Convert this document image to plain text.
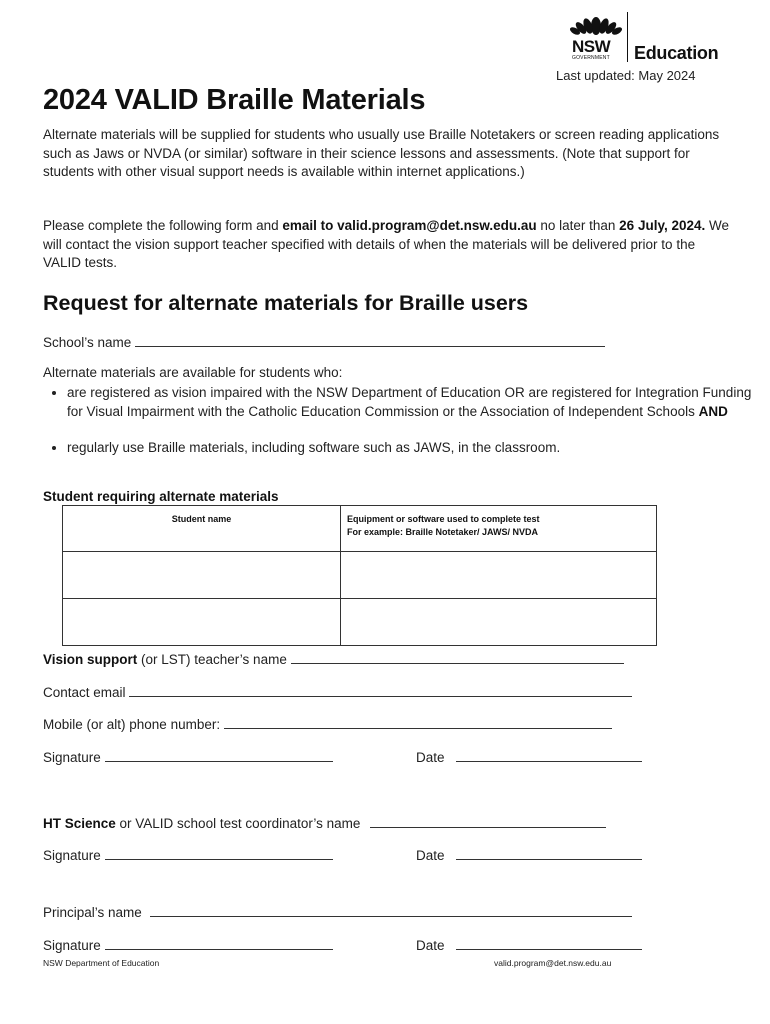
NSW
GOVERNMENT Education
Last updated: May 2024
2024 VALID Braille Materials
Alternate materials will be supplied for students who usually use Braille Notetakers or screen reading applications such as Jaws or NVDA (or similar) software in their science lessons and assessments. (Note that support for students with other visual support needs is available within internet applications.)
Please complete the following form and email to valid.program@det.nsw.edu.au no later than 26 July, 2024. We will contact the vision support teacher specified with details of when the materials will be delivered prior to the VALID tests.
Request for alternate materials for Braille users
School’s name
Alternate materials are available for students who:
• are registered as vision impaired with the NSW Department of Education OR are registered for Integration Funding for Visual Impairment with the Catholic Education Commission or the Association of Independent Schools AND
• regularly use Braille materials, including software such as JAWS, in the classroom.
Student requiring alternate materials
Student name	Equipment or software used to complete test
For example: Braille Notetaker/ JAWS/ NVDA

Vision support (or LST) teacher’s name
Contact email
Mobile (or alt) phone number:
Signature	Date
HT Science or VALID school test coordinator’s name
Signature	Date
Principal’s name
Signature	Date
NSW Department of Education	valid.program@det.nsw.edu.au
